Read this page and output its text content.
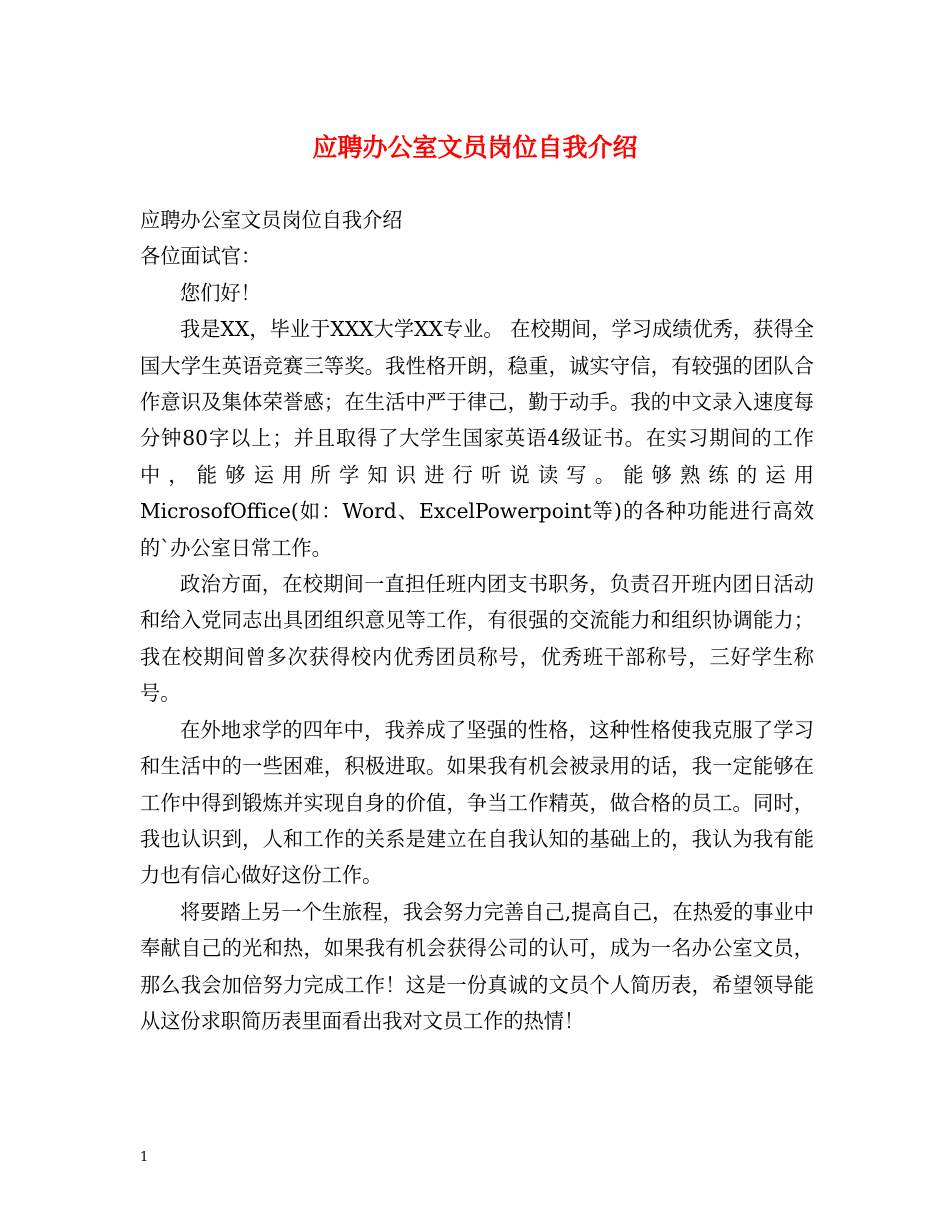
应聘办公室文员岗位自我介绍

应聘办公室文员岗位自我介绍

各位面试官：

您们好！

我是XX，毕业于XXX大学XX专业。 在校期间，学习成绩优秀，获得全国大学生英语竞赛三等奖。我性格开朗，稳重，诚实守信，有较强的团队合作意识及集体荣誉感；在生活中严于律己，勤于动手。我的中文录入速度每分钟80字以上；并且取得了大学生国家英语4级证书。在实习期间的工作中，能够运用所学知识进行听说读写。能够熟练的运用MicrosofOffice(如：Word、ExcelPowerpoint等)的各种功能进行高效的`办公室日常工作。

政治方面，在校期间一直担任班内团支书职务，负责召开班内团日活动和给入党同志出具团组织意见等工作，有很强的交流能力和组织协调能力；我在校期间曾多次获得校内优秀团员称号，优秀班干部称号，三好学生称号。

在外地求学的四年中，我养成了坚强的性格，这种性格使我克服了学习和生活中的一些困难，积极进取。如果我有机会被录用的话，我一定能够在工作中得到锻炼并实现自身的价值，争当工作精英，做合格的员工。同时，我也认识到，人和工作的关系是建立在自我认知的基础上的，我认为我有能力也有信心做好这份工作。

将要踏上另一个生旅程，我会努力完善自己,提高自己，在热爱的事业中奉献自己的光和热，如果我有机会获得公司的认可，成为一名办公室文员，那么我会加倍努力完成工作！这是一份真诚的文员个人简历表，希望领导能从这份求职简历表里面看出我对文员工作的热情！

1
